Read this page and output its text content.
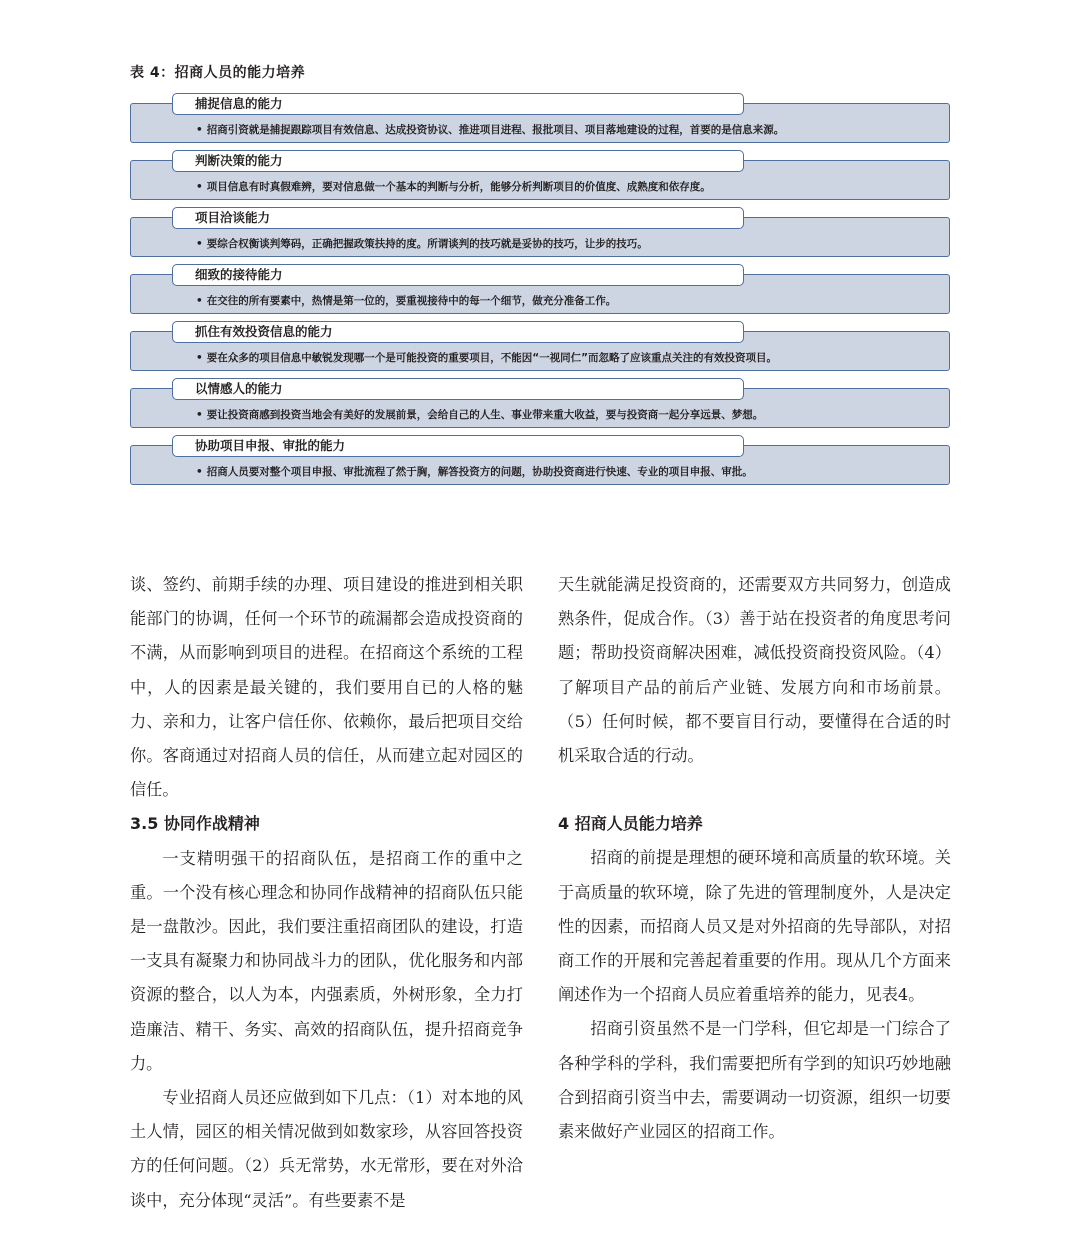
表 4：招商人员的能力培养
捕捉信息的能力
• 招商引资就是捕捉跟踪项目有效信息、达成投资协议、推进项目进程、报批项目、项目落地建设的过程，首要的是信息来源。
判断决策的能力
• 项目信息有时真假难辨，要对信息做一个基本的判断与分析，能够分析判断项目的价值度、成熟度和依存度。
项目洽谈能力
• 要综合权衡谈判筹码，正确把握政策扶持的度。所谓谈判的技巧就是妥协的技巧，让步的技巧。
细致的接待能力
• 在交往的所有要素中，热情是第一位的，要重视接待中的每一个细节，做充分准备工作。
抓住有效投资信息的能力
• 要在众多的项目信息中敏锐发现哪一个是可能投资的重要项目，不能因“一视同仁”而忽略了应该重点关注的有效投资项目。
以情感人的能力
• 要让投资商感到投资当地会有美好的发展前景，会给自己的人生、事业带来重大收益，要与投资商一起分享远景、梦想。
协助项目申报、审批的能力
• 招商人员要对整个项目申报、审批流程了然于胸，解答投资方的问题，协助投资商进行快速、专业的项目申报、审批。

谈、签约、前期手续的办理、项目建设的推进到相关职能部门的协调，任何一个环节的疏漏都会造成投资商的不满，从而影响到项目的进程。在招商这个系统的工程中，人的因素是最关键的，我们要用自已的人格的魅力、亲和力，让客户信任你、依赖你，最后把项目交给你。客商通过对招商人员的信任，从而建立起对园区的信任。

3.5 协同作战精神

一支精明强干的招商队伍，是招商工作的重中之重。一个没有核心理念和协同作战精神的招商队伍只能是一盘散沙。因此，我们要注重招商团队的建设，打造一支具有凝聚力和协同战斗力的团队，优化服务和内部资源的整合，以人为本，内强素质，外树形象，全力打造廉洁、精干、务实、高效的招商队伍，提升招商竞争力。

专业招商人员还应做到如下几点：（1）对本地的风土人情，园区的相关情况做到如数家珍，从容回答投资方的任何问题。（2）兵无常势，水无常形，要在对外洽谈中，充分体现“灵活”。有些要素不是

天生就能满足投资商的，还需要双方共同努力，创造成熟条件，促成合作。（3）善于站在投资者的角度思考问题；帮助投资商解决困难，减低投资商投资风险。（4）了解项目产品的前后产业链、发展方向和市场前景。（5）任何时候，都不要盲目行动，要懂得在合适的时机采取合适的行动。

4 招商人员能力培养

招商的前提是理想的硬环境和高质量的软环境。关于高质量的软环境，除了先进的管理制度外，人是决定性的因素，而招商人员又是对外招商的先导部队，对招商工作的开展和完善起着重要的作用。现从几个方面来阐述作为一个招商人员应着重培养的能力，见表4。

招商引资虽然不是一门学科，但它却是一门综合了各种学科的学科，我们需要把所有学到的知识巧妙地融合到招商引资当中去，需要调动一切资源，组织一切要素来做好产业园区的招商工作。
